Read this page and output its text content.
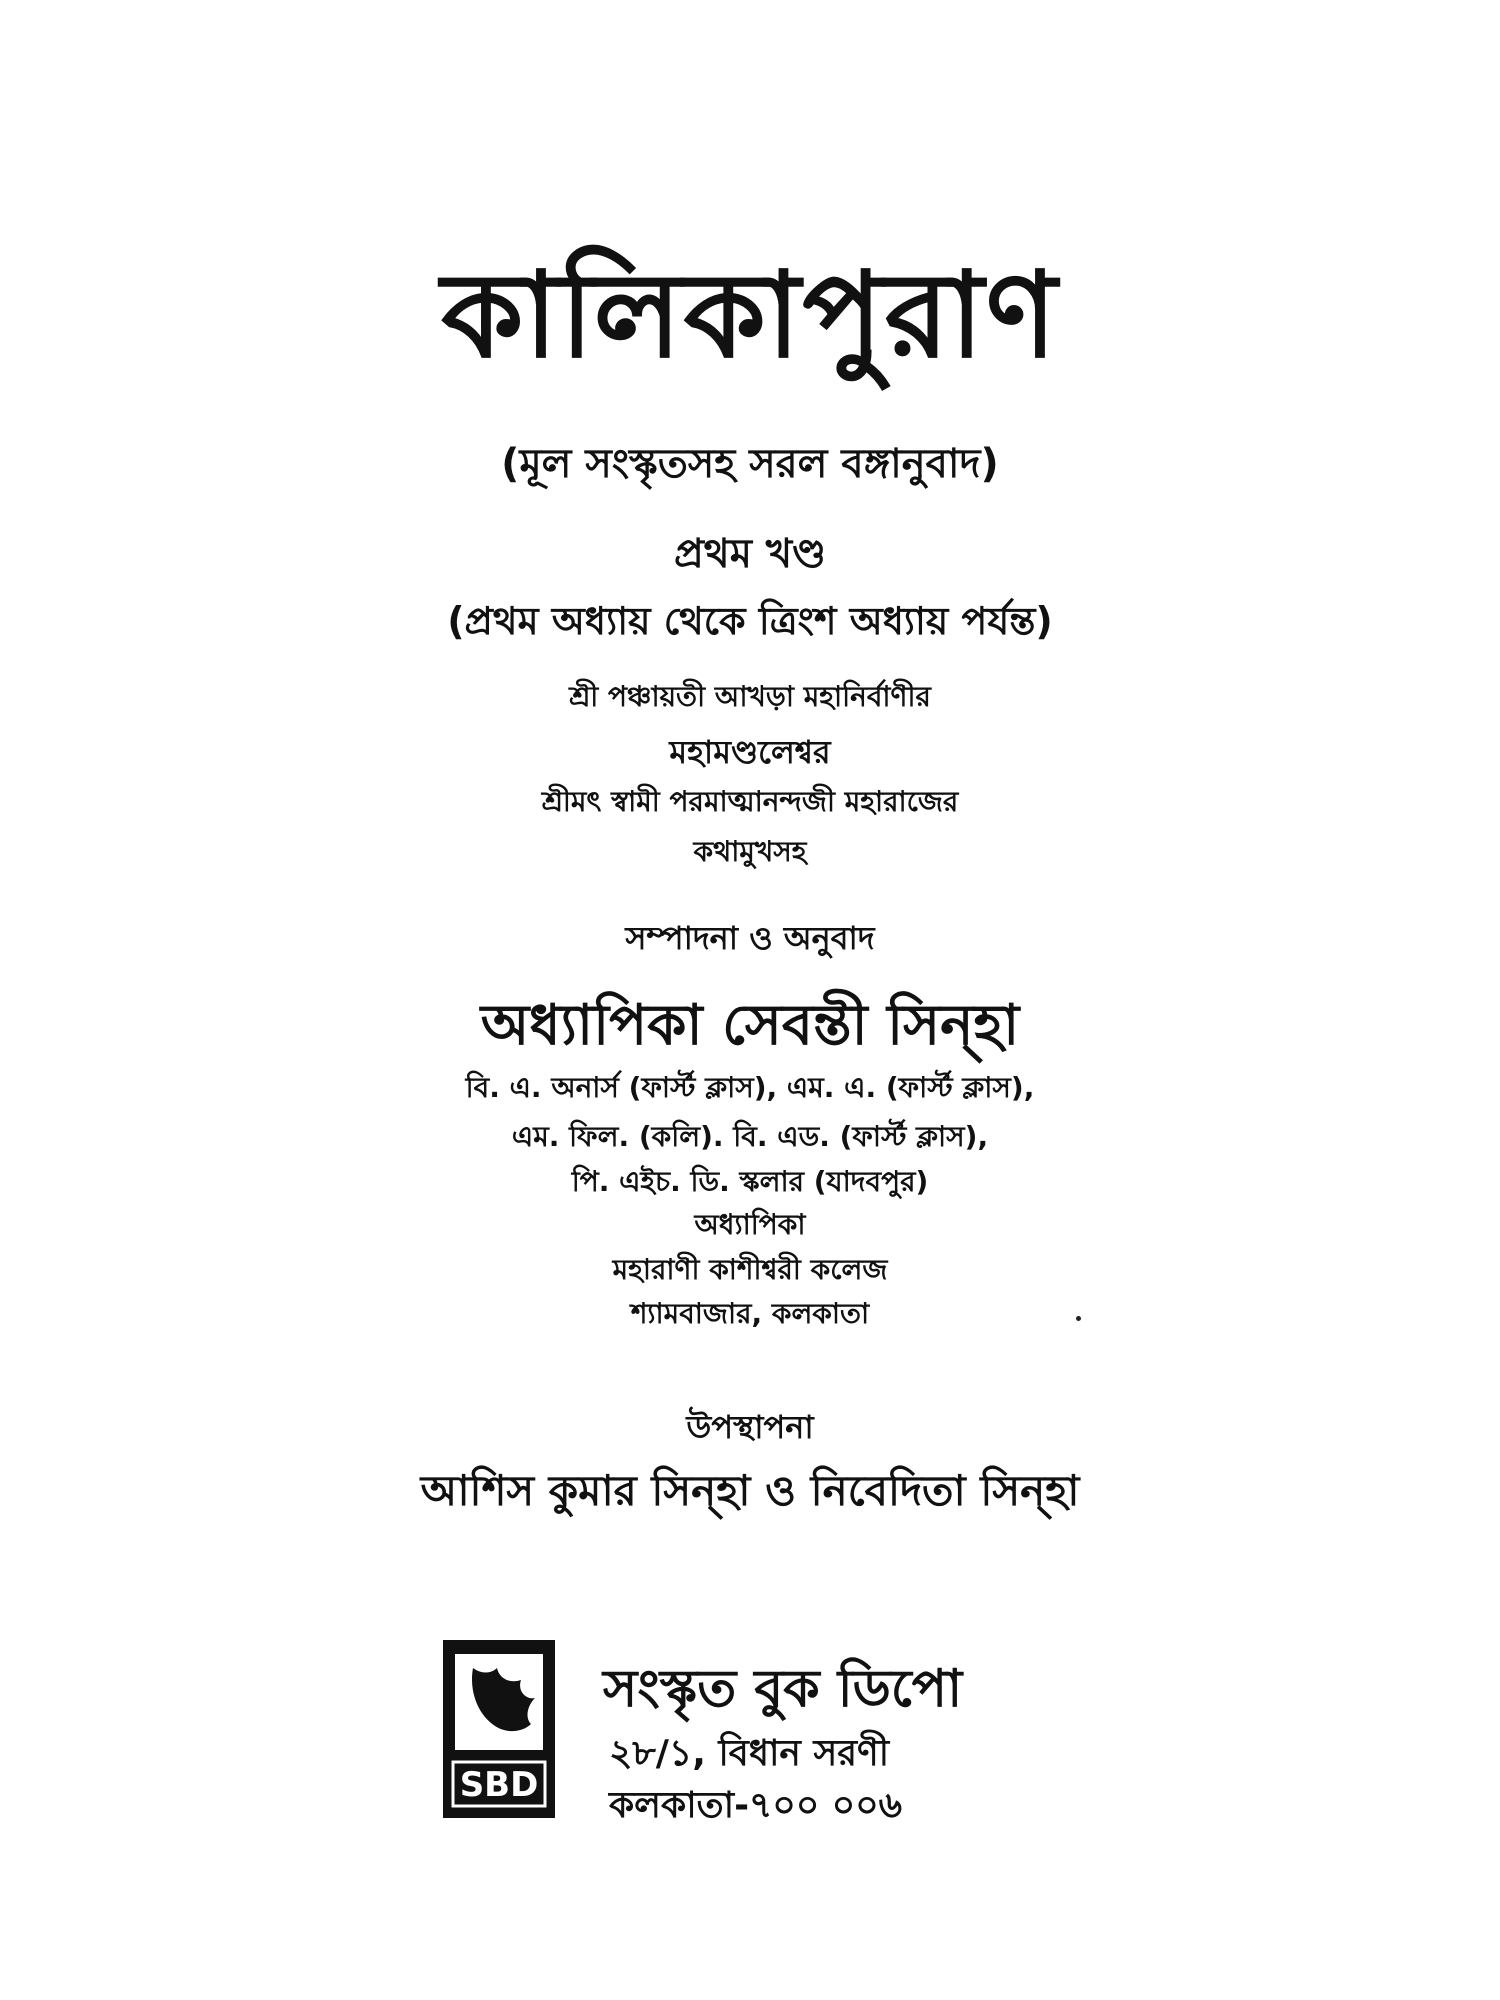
কালিকাপুরাণ
(মূল সংস্কৃতসহ সরল বঙ্গানুবাদ)
প্রথম খণ্ড
(প্রথম অধ্যায় থেকে ত্রিংশ অধ্যায় পর্যন্ত)
শ্রী পঞ্চায়তী আখড়া মহানির্বাণীর
মহামণ্ডলেশ্বর
শ্রীমৎ স্বামী পরমাত্মানন্দজী মহারাজের
কথামুখসহ
সম্পাদনা ও অনুবাদ
অধ্যাপিকা সেবন্তী সিন্‌হা
বি. এ. অনার্স (ফার্স্ট ক্লাস), এম. এ. (ফার্স্ট ক্লাস),
এম. ফিল. (কলি). বি. এড. (ফার্স্ট ক্লাস),
পি. এইচ. ডি. স্কলার (যাদবপুর)
অধ্যাপিকা
মহারাণী কাশীশ্বরী কলেজ
শ্যামবাজার, কলকাতা
উপস্থাপনা
আশিস কুমার সিন্‌হা ও নিবেদিতা সিন্‌হা
SBD
সংস্কৃত বুক ডিপো
২৮/১, বিধান সরণী
কলকাতা-৭০০ ০০৬
